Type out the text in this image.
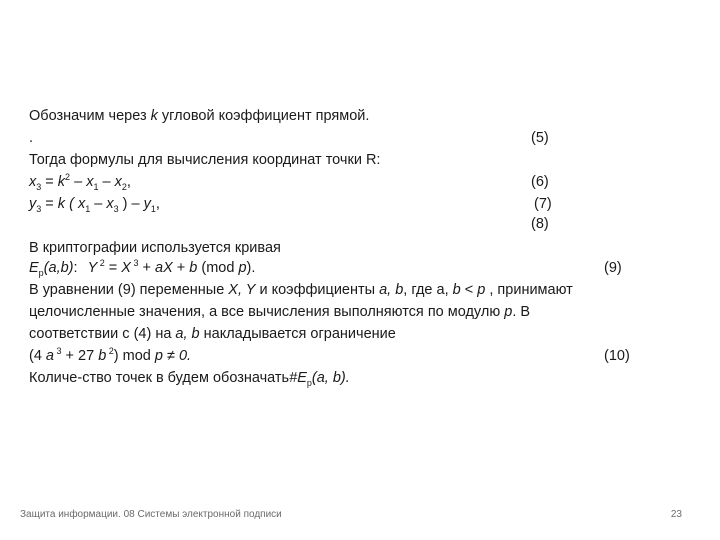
Обозначим через k угловой коэффициент прямой.
.	(5)
Тогда формулы для вычисления координат точки R:
$x_3 = k^2 - x_1 - x_2$,	(6)
$y_3 = k$ ( $x_1 - x_3$ ) – $y_1$,	(7)
(8)
В криптографии используется кривая
$E_p(a,b)$: Y $^2$ = X $^3$ + aX + b (mod p).	(9)
В уравнении (9) переменные X, Y и коэффициенты a, b, где a, b < p , принимают
целочисленные значения, а все вычисления выполняются по модулю p. В
соответствии с (4) на a, b накладывается ограничение
(4 a $^3$ + 27 b $^2$) mod p ≠ 0.	(10)
Количе-ство точек в будем $обозначать\#E_p(a$, b).
Защита информации. 08 Системы электронной подписи	23
